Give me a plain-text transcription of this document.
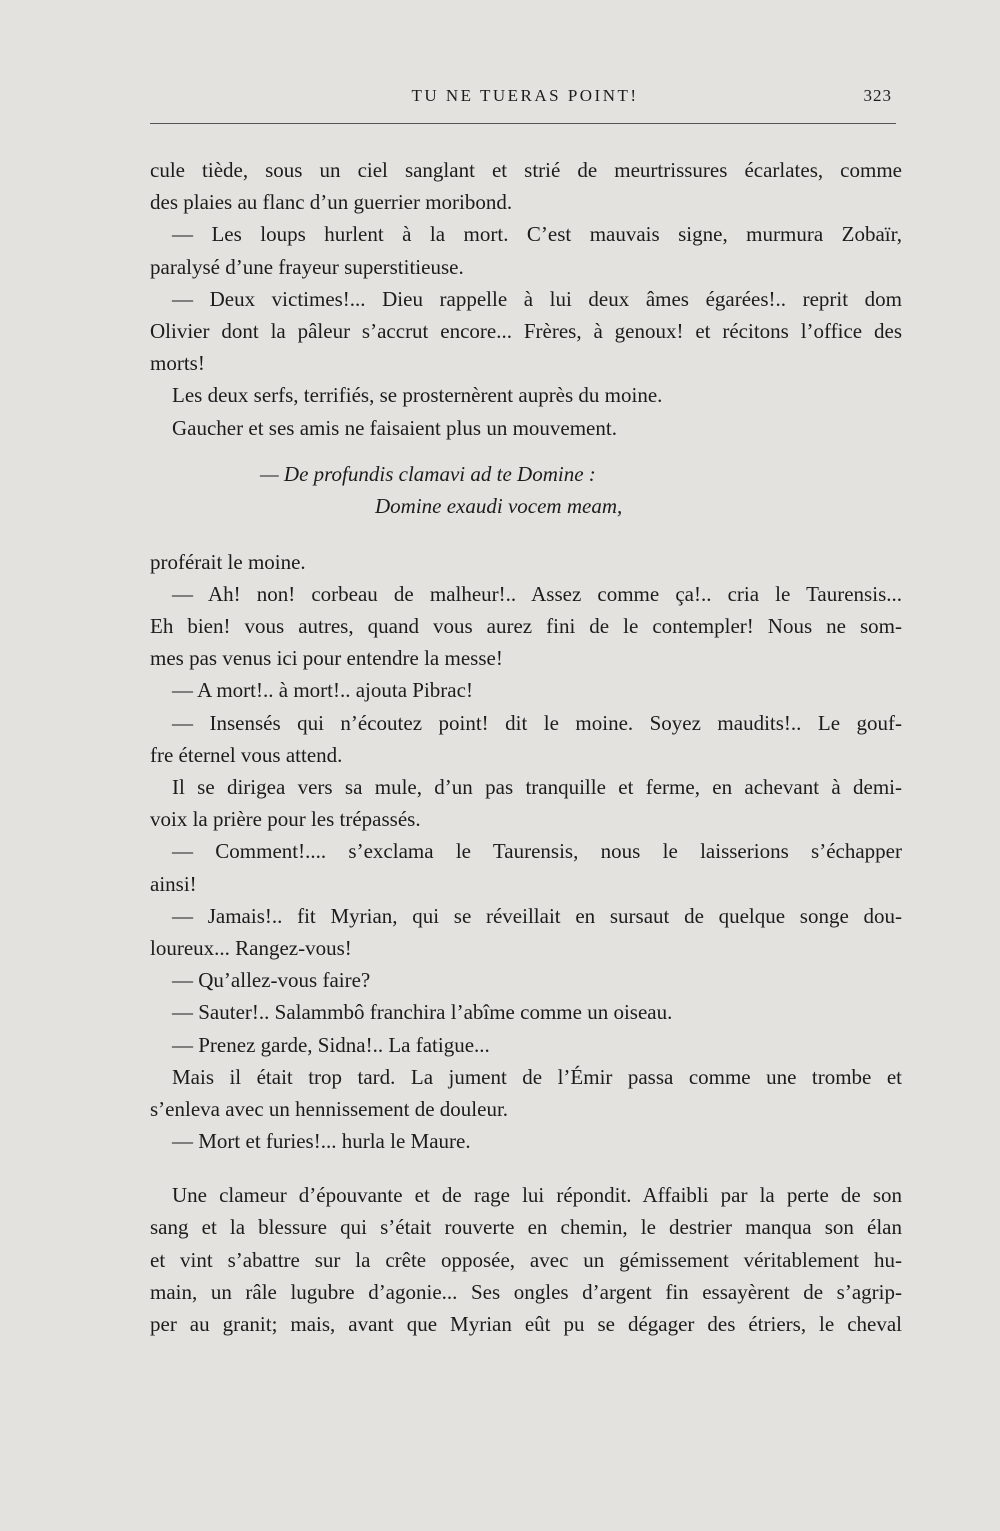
TU NE TUERAS POINT!	323
cule tiède, sous un ciel sanglant et strié de meurtrissures écarlates, comme
des plaies au flanc d’un guerrier moribond.
— Les loups hurlent à la mort. C’est mauvais signe, murmura Zobaïr,
paralysé d’une frayeur superstitieuse.
— Deux victimes!... Dieu rappelle à lui deux âmes égarées!.. reprit dom
Olivier dont la pâleur s’accrut encore... Frères, à genoux! et récitons l’office des
morts!
Les deux serfs, terrifiés, se prosternèrent auprès du moine.
Gaucher et ses amis ne faisaient plus un mouvement.
— De profundis clamavi ad te Domine :
Domine exaudi vocem meam,
proférait le moine.
— Ah! non! corbeau de malheur!.. Assez comme ça!.. cria le Taurensis...
Eh bien! vous autres, quand vous aurez fini de le contempler! Nous ne som-
mes pas venus ici pour entendre la messe!
— A mort!.. à mort!.. ajouta Pibrac!
— Insensés qui n’écoutez point! dit le moine. Soyez maudits!.. Le gouf-
fre éternel vous attend.
Il se dirigea vers sa mule, d’un pas tranquille et ferme, en achevant à demi-
voix la prière pour les trépassés.
— Comment!.... s’exclama le Taurensis, nous le laisserions s’échapper
ainsi!
— Jamais!.. fit Myrian, qui se réveillait en sursaut de quelque songe dou-
loureux... Rangez-vous!
— Qu’allez-vous faire?
— Sauter!.. Salammbô franchira l’abîme comme un oiseau.
— Prenez garde, Sidna!.. La fatigue...
Mais il était trop tard. La jument de l’Émir passa comme une trombe et
s’enleva avec un hennissement de douleur.
— Mort et furies!... hurla le Maure.
Une clameur d’épouvante et de rage lui répondit. Affaibli par la perte de son
sang et la blessure qui s’était rouverte en chemin, le destrier manqua son élan
et vint s’abattre sur la crête opposée, avec un gémissement véritablement hu-
main, un râle lugubre d’agonie... Ses ongles d’argent fin essayèrent de s’agrip-
per au granit; mais, avant que Myrian eût pu se dégager des étriers, le cheval
